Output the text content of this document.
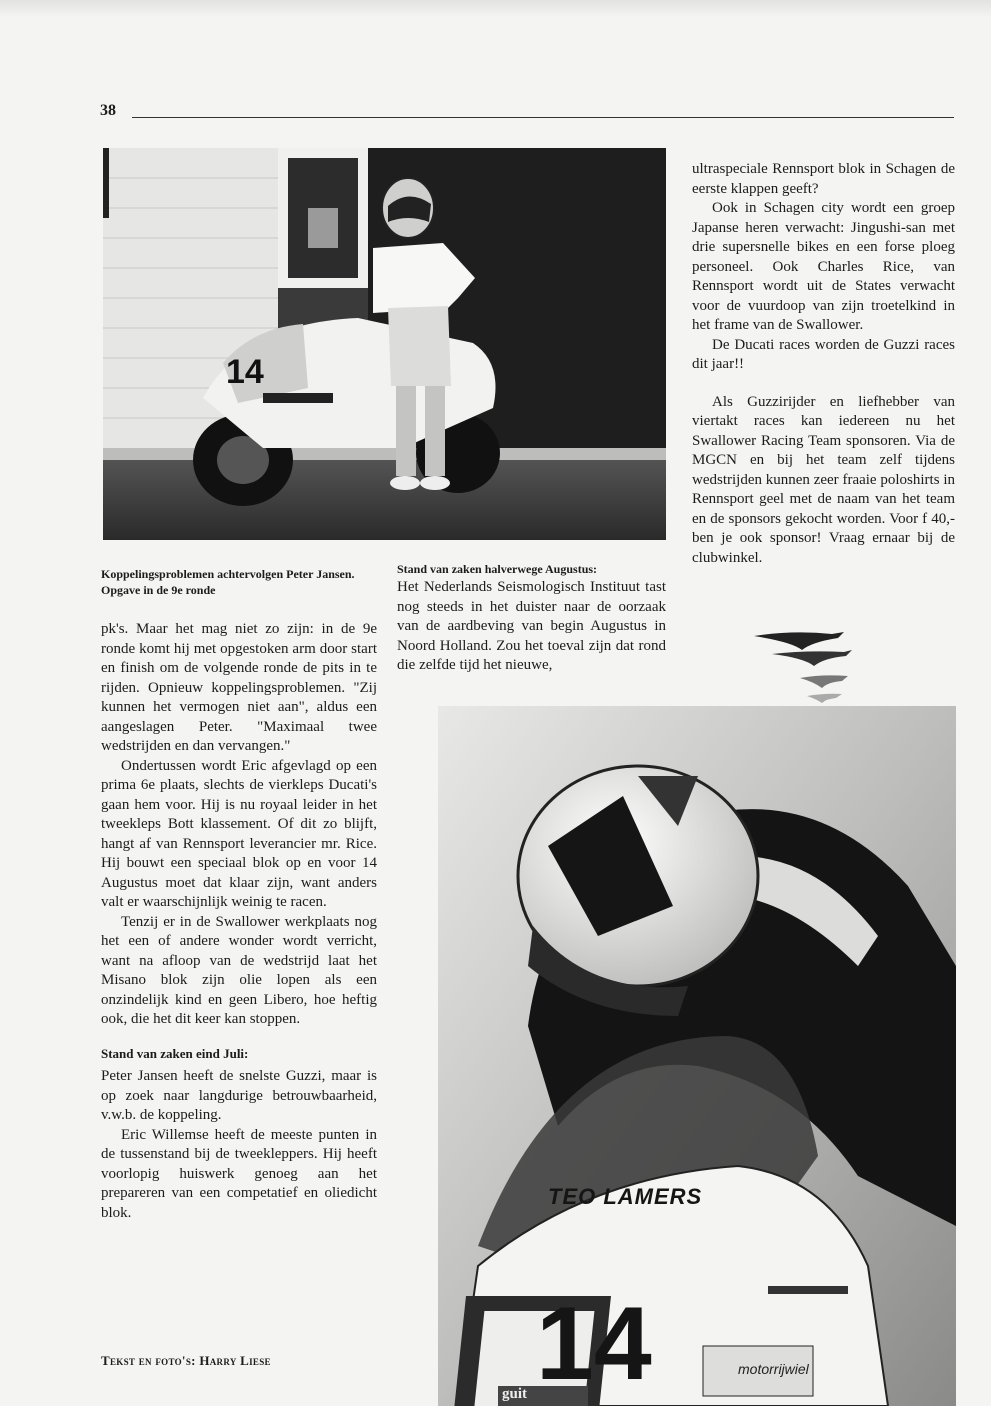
38
14
Koppelingsproblemen achtervolgen Peter Jansen. Opgave in de 9e ronde

pk's. Maar het mag niet zo zijn: in de 9e ronde komt hij met opgestoken arm door start en finish om de volgende ronde de pits in te rijden. Opnieuw koppelingsproblemen. "Zij kunnen het vermogen niet aan", aldus een aangeslagen Peter. "Maximaal twee wedstrijden en dan vervangen."

Ondertussen wordt Eric afgevlagd op een prima 6e plaats, slechts de vierkleps Ducati's gaan hem voor. Hij is nu royaal leider in het tweekleps Bott klassement. Of dit zo blijft, hangt af van Rennsport leverancier mr. Rice. Hij bouwt een speciaal blok op en voor 14 Augustus moet dat klaar zijn, want anders valt er waarschijnlijk weinig te racen.

Tenzij er in de Swallower werkplaats nog het een of andere wonder wordt verricht, want na afloop van de wedstrijd laat het Misano blok zijn olie lopen als een onzindelijk kind en geen Libero, hoe heftig ook, die het dit keer kan stoppen.

Stand van zaken eind Juli:

Peter Jansen heeft de snelste Guzzi, maar is op zoek naar langdurige betrouwbaarheid, v.w.b. de koppeling.

Eric Willemse heeft de meeste punten in de tussenstand bij de tweekleppers. Hij heeft voorlopig huiswerk genoeg aan het prepareren van een competatief en oliedicht blok.

Stand van zaken halverwege Augustus:

Het Nederlands Seismologisch Instituut tast nog steeds in het duister naar de oorzaak van de aardbeving van begin Augustus in Noord Holland. Zou het toeval zijn dat rond die zelfde tijd het nieuwe,

ultraspeciale Rennsport blok in Schagen de eerste klappen geeft?

Ook in Schagen city wordt een groep Japanse heren verwacht: Jingushi-san met drie supersnelle bikes en een forse ploeg personeel. Ook Charles Rice, van Rennsport wordt uit de States verwacht voor de vuurdoop van zijn troetelkind in het frame van de Swallower.

De Ducati races worden de Guzzi races dit jaar!!

Als Guzzirijder en liefhebber van viertakt races kan iedereen nu het Swallower Racing Team sponsoren. Via de MGCN en bij het team zelf tijdens wedstrijden kunnen zeer fraaie poloshirts in Rennsport geel met de naam van het team en de sponsors gekocht worden. Voor f 40,- ben je ook sponsor! Vraag ernaar bij de clubwinkel.

TEO LAMERS
14
guit
motorrijwiel
Tekst en foto's: Harry Liese
